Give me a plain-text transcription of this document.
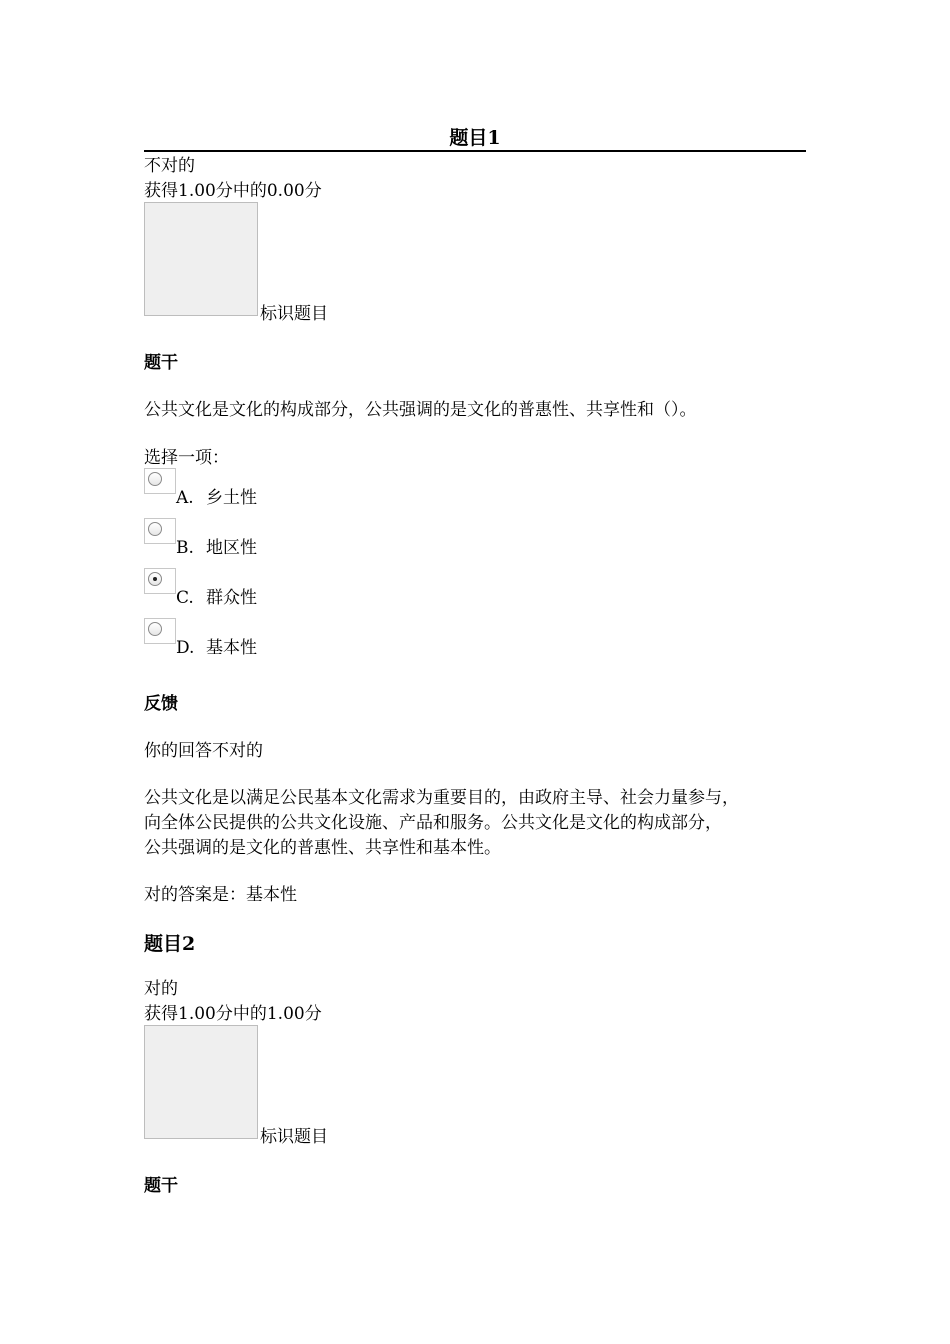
题目1
不对的
获得1.00分中的0.00分
标识题目
题干
公共文化是文化的构成部分，公共强调的是文化的普惠性、共享性和（）。
选择一项：
A. 乡土性
B. 地区性
C. 群众性
D. 基本性
反馈
你的回答不对的
公共文化是以满足公民基本文化需求为重要目的，由政府主导、社会力量参与，
向全体公民提供的公共文化设施、产品和服务。公共文化是文化的构成部分，
公共强调的是文化的普惠性、共享性和基本性。
对的答案是：基本性
题目2
对的
获得1.00分中的1.00分
标识题目
题干
